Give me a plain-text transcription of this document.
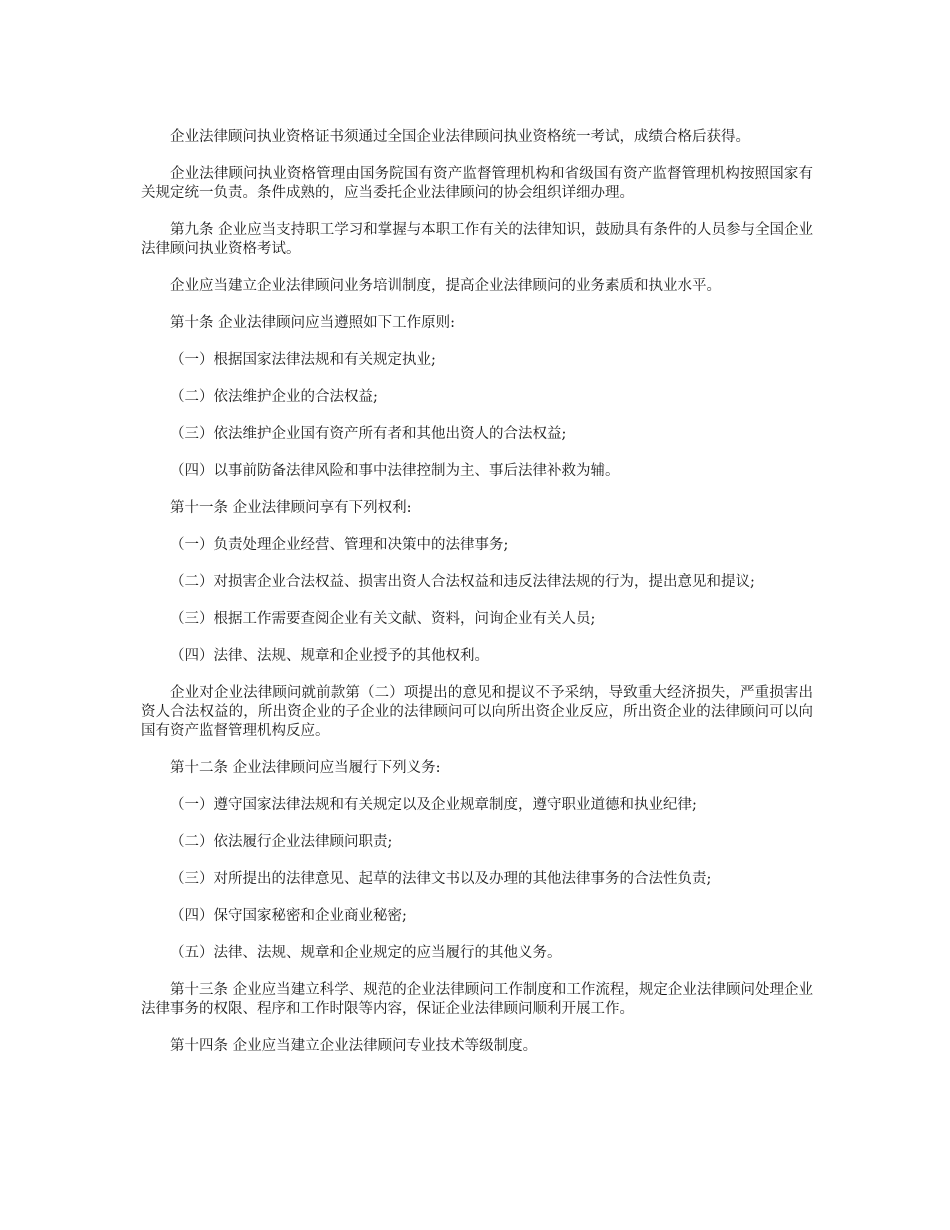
企业法律顾问执业资格证书须通过全国企业法律顾问执业资格统一考试，成绩合格后获得。

企业法律顾问执业资格管理由国务院国有资产监督管理机构和省级国有资产监督管理机构按照国家有关规定统一负责。条件成熟的，应当委托企业法律顾问的协会组织详细办理。

第九条 企业应当支持职工学习和掌握与本职工作有关的法律知识，鼓励具有条件的人员参与全国企业法律顾问执业资格考试。

企业应当建立企业法律顾问业务培训制度，提高企业法律顾问的业务素质和执业水平。

第十条 企业法律顾问应当遵照如下工作原则:

（一）根据国家法律法规和有关规定执业;

（二）依法维护企业的合法权益;

（三）依法维护企业国有资产所有者和其他出资人的合法权益;

（四）以事前防备法律风险和事中法律控制为主、事后法律补救为辅。

第十一条 企业法律顾问享有下列权利:

（一）负责处理企业经营、管理和决策中的法律事务;

（二）对损害企业合法权益、损害出资人合法权益和违反法律法规的行为，提出意见和提议;

（三）根据工作需要查阅企业有关文献、资料，问询企业有关人员;

（四）法律、法规、规章和企业授予的其他权利。

企业对企业法律顾问就前款第（二）项提出的意见和提议不予采纳，导致重大经济损失，严重损害出资人合法权益的，所出资企业的子企业的法律顾问可以向所出资企业反应，所出资企业的法律顾问可以向国有资产监督管理机构反应。

第十二条 企业法律顾问应当履行下列义务:

（一）遵守国家法律法规和有关规定以及企业规章制度，遵守职业道德和执业纪律;

（二）依法履行企业法律顾问职责;

（三）对所提出的法律意见、起草的法律文书以及办理的其他法律事务的合法性负责;

（四）保守国家秘密和企业商业秘密;

（五）法律、法规、规章和企业规定的应当履行的其他义务。

第十三条 企业应当建立科学、规范的企业法律顾问工作制度和工作流程，规定企业法律顾问处理企业法律事务的权限、程序和工作时限等内容，保证企业法律顾问顺利开展工作。

第十四条 企业应当建立企业法律顾问专业技术等级制度。
